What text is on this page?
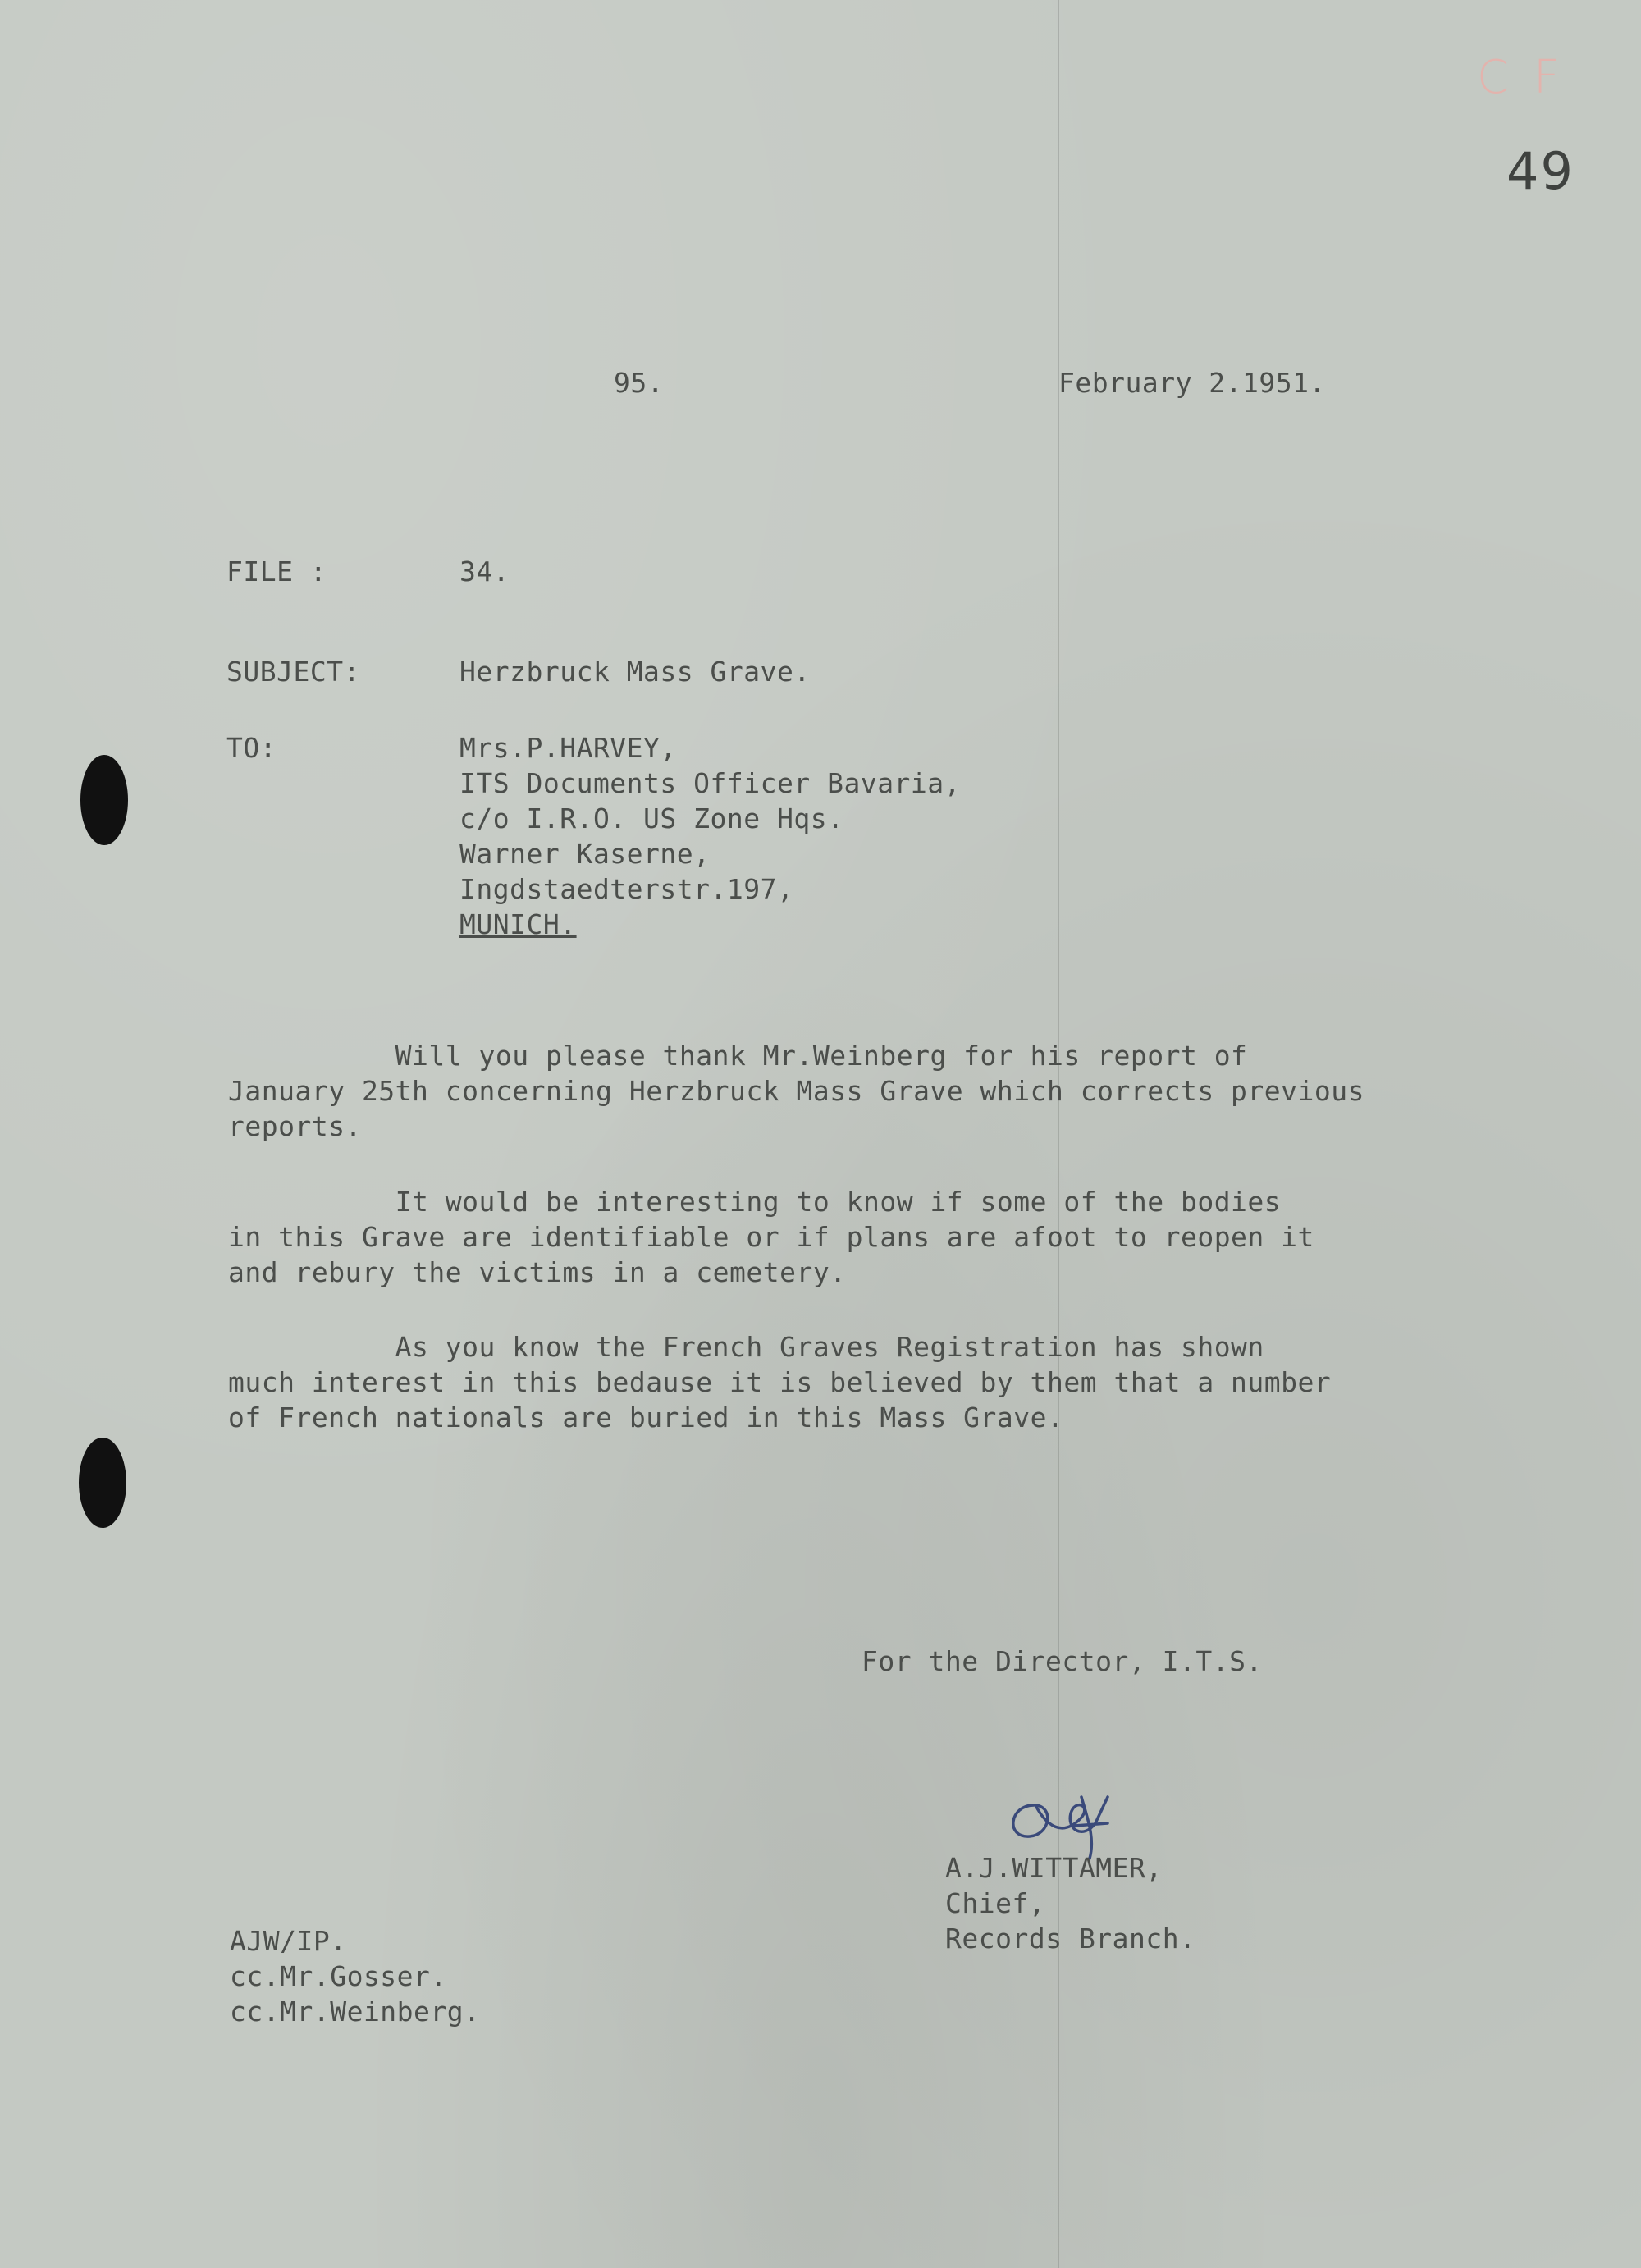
C F
49
95.	February 2.1951.
FILE :	34.
SUBJECT:	Herzbruck Mass Grave.
TO:	Mrs.P.HARVEY,
ITS Documents Officer Bavaria,
c/o I.R.O. US Zone Hqs.
Warner Kaserne,
Ingdstaedterstr.197,
MUNICH.
Will you please thank Mr.Weinberg for his report of
January 25th concerning Herzbruck Mass Grave which corrects previous
reports.
It would be interesting to know if some of the bodies
in this Grave are identifiable or if plans are afoot to reopen it
and rebury the victims in a cemetery.
As you know the French Graves Registration has shown
much interest in this bedause it is believed by them that a number
of French nationals are buried in this Mass Grave.
For the Director, I.T.S.
A.J.WITTAMER,
Chief,
Records Branch.
AJW/IP.
cc.Mr.Gosser.
cc.Mr.Weinberg.
